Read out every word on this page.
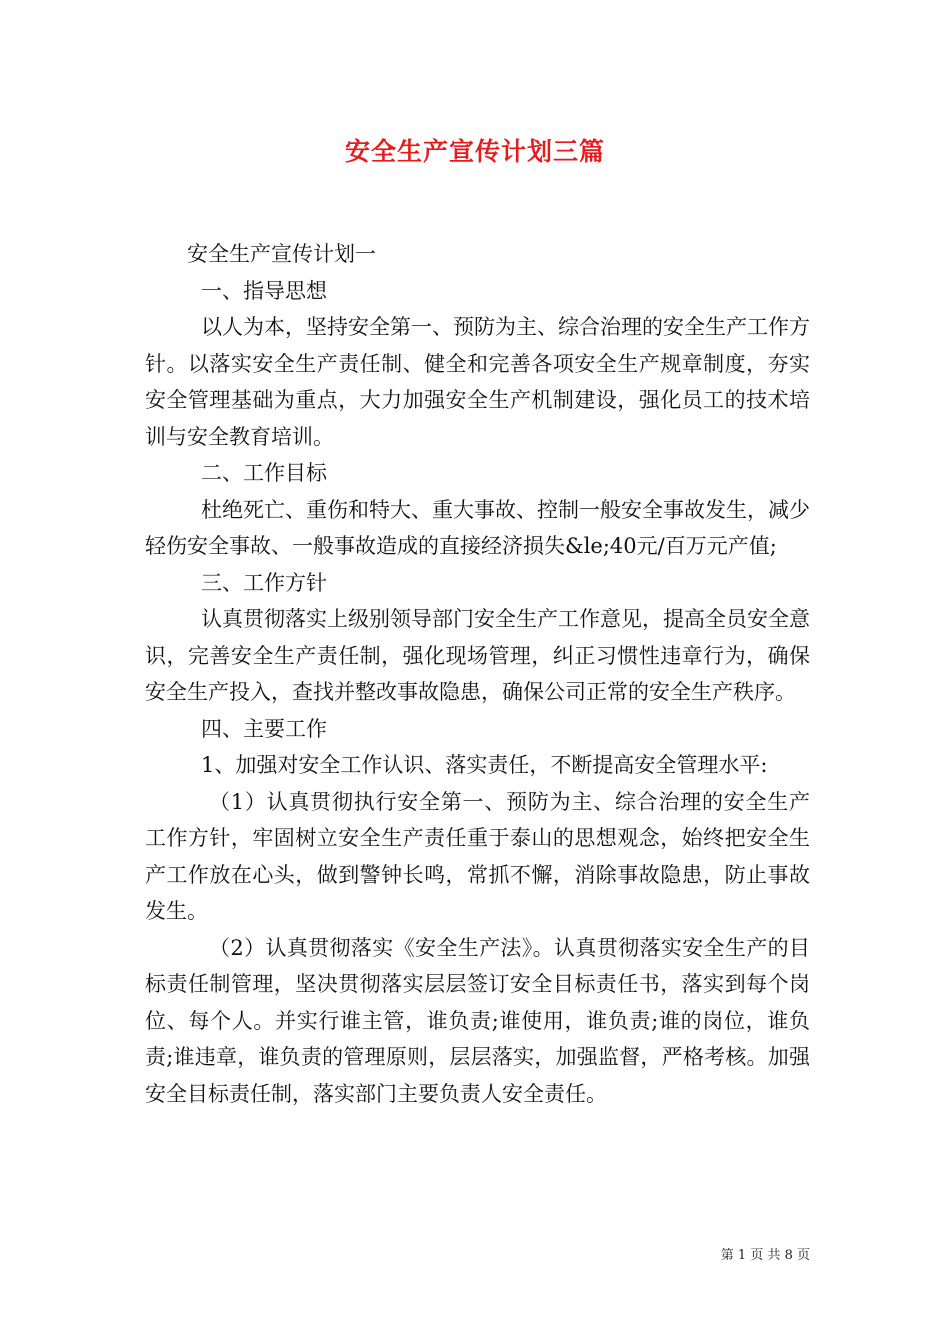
安全生产宣传计划三篇

安全生产宣传计划一

一、指导思想

以人为本，坚持安全第一、预防为主、综合治理的安全生产工作方针。以落实安全生产责任制、健全和完善各项安全生产规章制度，夯实安全管理基础为重点，大力加强安全生产机制建设，强化员工的技术培训与安全教育培训。

二、工作目标

杜绝死亡、重伤和特大、重大事故、控制一般安全事故发生，减少轻伤安全事故、一般事故造成的直接经济损失&le;40元/百万元产值;

三、工作方针

认真贯彻落实上级别领导部门安全生产工作意见，提高全员安全意识，完善安全生产责任制，强化现场管理，纠正习惯性违章行为，确保安全生产投入，查找并整改事故隐患，确保公司正常的安全生产秩序。

四、主要工作

1、加强对安全工作认识、落实责任，不断提高安全管理水平:

（1）认真贯彻执行安全第一、预防为主、综合治理的安全生产工作方针，牢固树立安全生产责任重于泰山的思想观念，始终把安全生产工作放在心头，做到警钟长鸣，常抓不懈，消除事故隐患，防止事故发生。

（2）认真贯彻落实《安全生产法》。认真贯彻落实安全生产的目标责任制管理，坚决贯彻落实层层签订安全目标责任书，落实到每个岗位、每个人。并实行谁主管，谁负责;谁使用，谁负责;谁的岗位，谁负责;谁违章，谁负责的管理原则，层层落实，加强监督，严格考核。加强安全目标责任制，落实部门主要负责人安全责任。

第 1 页 共 8 页
